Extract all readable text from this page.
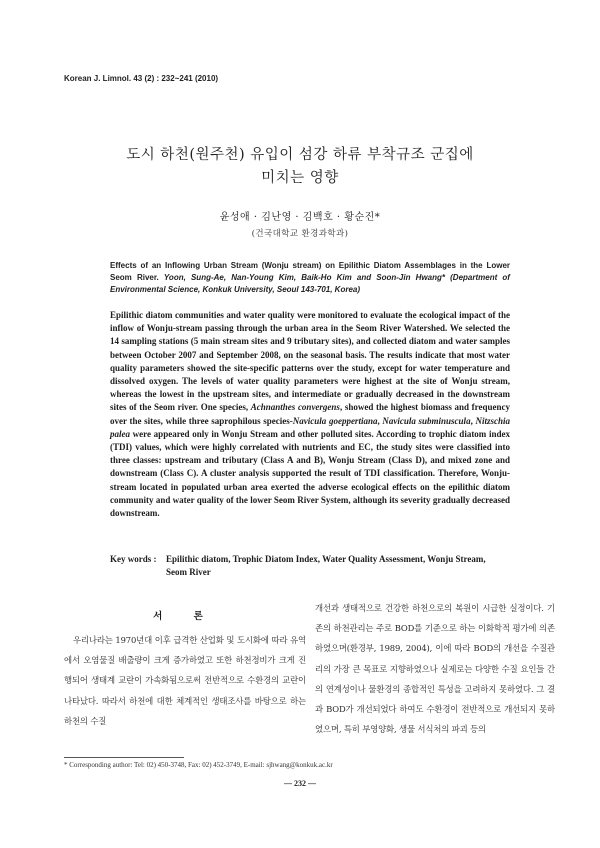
Korean J. Limnol. 43 (2) : 232~241 (2010)
도시 하천(원주천) 유입이 섬강 하류 부착규조 군집에
미치는 영향
윤성애 · 김난영 · 김백호 · 황순진*
(건국대학교 환경과학과)
Effects of an Inflowing Urban Stream (Wonju stream) on Epilithic Diatom Assemblages in the Lower Seom River. Yoon, Sung-Ae, Nan-Young Kim, Baik-Ho Kim and Soon-Jin Hwang* (Department of Environmental Science, Konkuk University, Seoul 143-701, Korea)
Epilithic diatom communities and water quality were monitored to evaluate the ecological impact of the inflow of Wonju-stream passing through the urban area in the Seom River Watershed. We selected the 14 sampling stations (5 main stream sites and 9 tributary sites), and collected diatom and water samples between October 2007 and September 2008, on the seasonal basis. The results indicate that most water quality parameters showed the site-specific patterns over the study, except for water temperature and dissolved oxygen. The levels of water quality parameters were highest at the site of Wonju stream, whereas the lowest in the upstream sites, and intermediate or gradually decreased in the downstream sites of the Seom river. One species, Achnanthes convergens, showed the highest biomass and frequency over the sites, while three saprophilous species-Navicula goeppertiana, Navicula subminuscula, Nitzschia palea were appeared only in Wonju Stream and other polluted sites. According to trophic diatom index (TDI) values, which were highly correlated with nutrients and EC, the study sites were classified into three classes: upstream and tributary (Class A and B), Wonju Stream (Class D), and mixed zone and downstream (Class C). A cluster analysis supported the result of TDI classification. Therefore, Wonju-stream located in populated urban area exerted the adverse ecological effects on the epilithic diatom community and water quality of the lower Seom River System, although its severity gradually decreased downstream.
Key words : Epilithic diatom, Trophic Diatom Index, Water Quality Assessment, Wonju Stream, Seom River
서 론
우리나라는 1970년대 이후 급격한 산업화 및 도시화에 따라 유역에서 오염물질 배출량이 크게 증가하였고 또한 하천정비가 크게 진행되어 생태계 교란이 가속화됨으로써 전반적으로 수환경의 교란이 나타났다. 따라서 하천에 대한 체계적인 생태조사를 바탕으로 하는 하천의 수질
개선과 생태적으로 건강한 하천으로의 복원이 시급한 실정이다. 기존의 하천관리는 주로 BOD를 기준으로 하는 이화학적 평가에 의존하였으며(환경부, 1989, 2004), 이에 따라 BOD의 개선을 수질관리의 가장 큰 목표로 지향하였으나 실제로는 다양한 수질 요인들 간의 연계성이나 물환경의 종합적인 특성을 고려하지 못하였다. 그 결과 BOD가 개선되었다 하여도 수환경이 전반적으로 개선되지 못하였으며, 특히 부영양화, 생물 서식처의 파괴 등의
* Corresponding author: Tel: 02) 450-3748, Fax: 02) 452-3749, E-mail: sjhwang@konkuk.ac.kr
— 232 —
